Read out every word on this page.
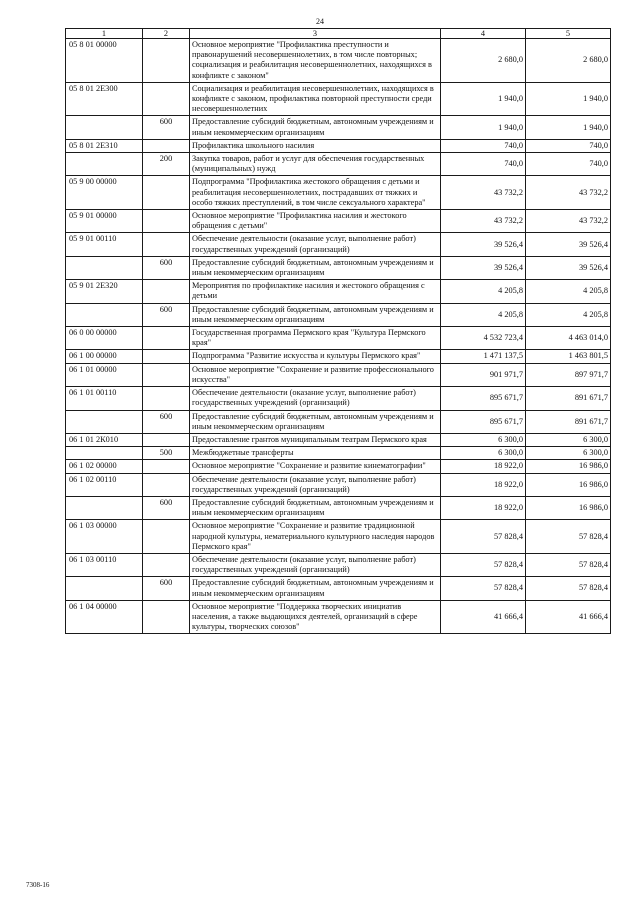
24
1	2	3	4	5
05 8 01 00000		Основное мероприятие "Профилактика преступности и правонарушений несовершеннолетних, в том числе повторных; социализация и реабилитация несовершеннолетних, находящихся в конфликте с законом"	2 680,0	2 680,0
05 8 01 2Е300		Социализация и реабилитация несовершеннолетних, находящихся в конфликте с законом, профилактика повторной преступности среди несовершеннолетних	1 940,0	1 940,0
	600	Предоставление субсидий бюджетным, автономным учреждениям и иным некоммерческим организациям	1 940,0	1 940,0
05 8 01 2Е310		Профилактика школьного насилия	740,0	740,0
	200	Закупка товаров, работ и услуг для обеспечения государственных (муниципальных) нужд	740,0	740,0
05 9 00 00000		Подпрограмма "Профилактика жестокого обращения с детьми и реабилитация несовершеннолетних, пострадавших от тяжких и особо тяжких преступлений, в том числе сексуального характера"	43 732,2	43 732,2
05 9 01 00000		Основное мероприятие "Профилактика насилия и жестокого обращения с детьми"	43 732,2	43 732,2
05 9 01 00110		Обеспечение деятельности (оказание услуг, выполнение работ) государственных учреждений (организаций)	39 526,4	39 526,4
	600	Предоставление субсидий бюджетным, автономным учреждениям и иным некоммерческим организациям	39 526,4	39 526,4
05 9 01 2Е320		Мероприятия по профилактике насилия и жестокого обращения с детьми	4 205,8	4 205,8
	600	Предоставление субсидий бюджетным, автономным учреждениям и иным некоммерческим организациям	4 205,8	4 205,8
06 0 00 00000		Государственная программа Пермского края "Культура Пермского края"	4 532 723,4	4 463 014,0
06 1 00 00000		Подпрограмма "Развитие искусства и культуры Пермского края"	1 471 137,5	1 463 801,5
06 1 01 00000		Основное мероприятие "Сохранение и развитие профессионального искусства"	901 971,7	897 971,7
06 1 01 00110		Обеспечение деятельности (оказание услуг, выполнение работ) государственных учреждений (организаций)	895 671,7	891 671,7
	600	Предоставление субсидий бюджетным, автономным учреждениям и иным некоммерческим организациям	895 671,7	891 671,7
06 1 01 2К010		Предоставление грантов муниципальным театрам Пермского края	6 300,0	6 300,0
	500	Межбюджетные трансферты	6 300,0	6 300,0
06 1 02 00000		Основное мероприятие "Сохранение и развитие кинематографии"	18 922,0	16 986,0
06 1 02 00110		Обеспечение деятельности (оказание услуг, выполнение работ) государственных учреждений (организаций)	18 922,0	16 986,0
	600	Предоставление субсидий бюджетным, автономным учреждениям и иным некоммерческим организациям	18 922,0	16 986,0
06 1 03 00000		Основное мероприятие "Сохранение и развитие традиционной народной культуры, нематериального культурного наследия народов Пермского края"	57 828,4	57 828,4
06 1 03 00110		Обеспечение деятельности (оказание услуг, выполнение работ) государственных учреждений (организаций)	57 828,4	57 828,4
	600	Предоставление субсидий бюджетным, автономным учреждениям и иным некоммерческим организациям	57 828,4	57 828,4
06 1 04 00000		Основное мероприятие "Поддержка творческих инициатив населения, а также выдающихся деятелей, организаций в сфере культуры, творческих союзов"	41 666,4	41 666,4
7308-16
